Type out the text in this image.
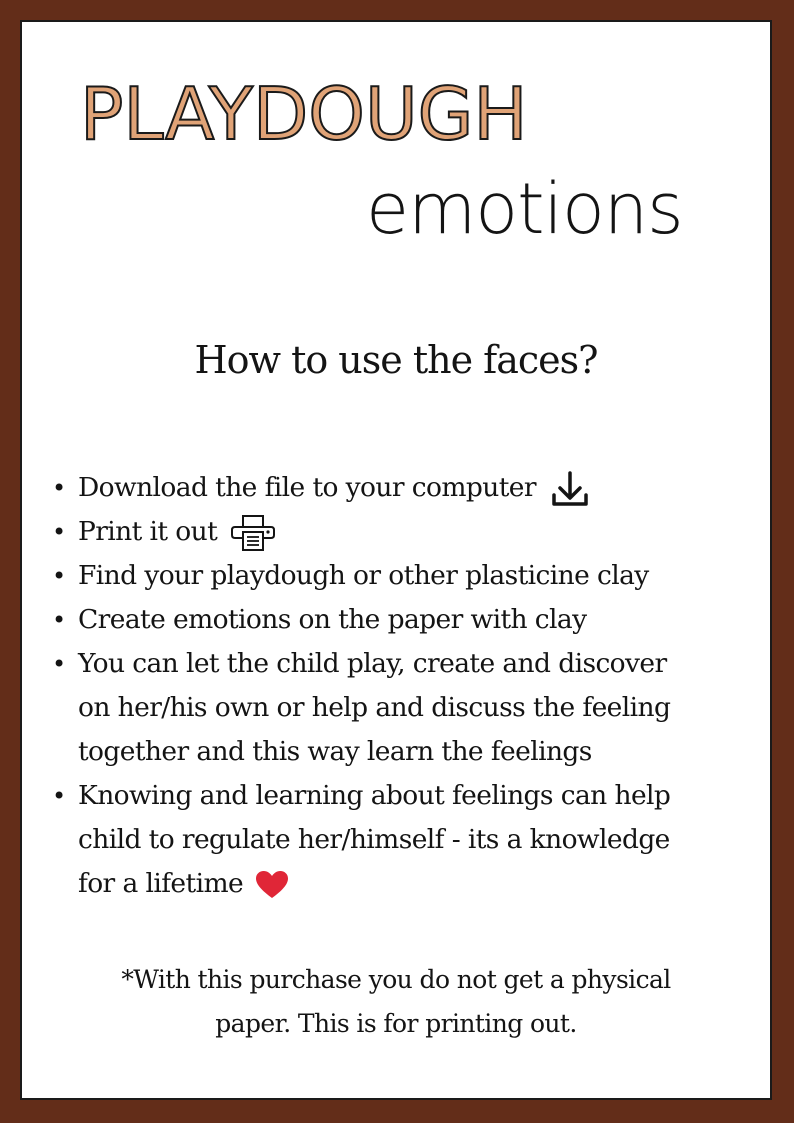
PLAYDOUGH
emotions
How to use the faces?
• Download the file to your computer
• Print it out
• Find your playdough or other plasticine clay
• Create emotions on the paper with clay
• You can let the child play, create and discover
on her/his own or help and discuss the feeling
together and this way learn the feelings
• Knowing and learning about feelings can help
child to regulate her/himself - its a knowledge
for a lifetime

*With this purchase you do not get a physical
paper. This is for printing out.
